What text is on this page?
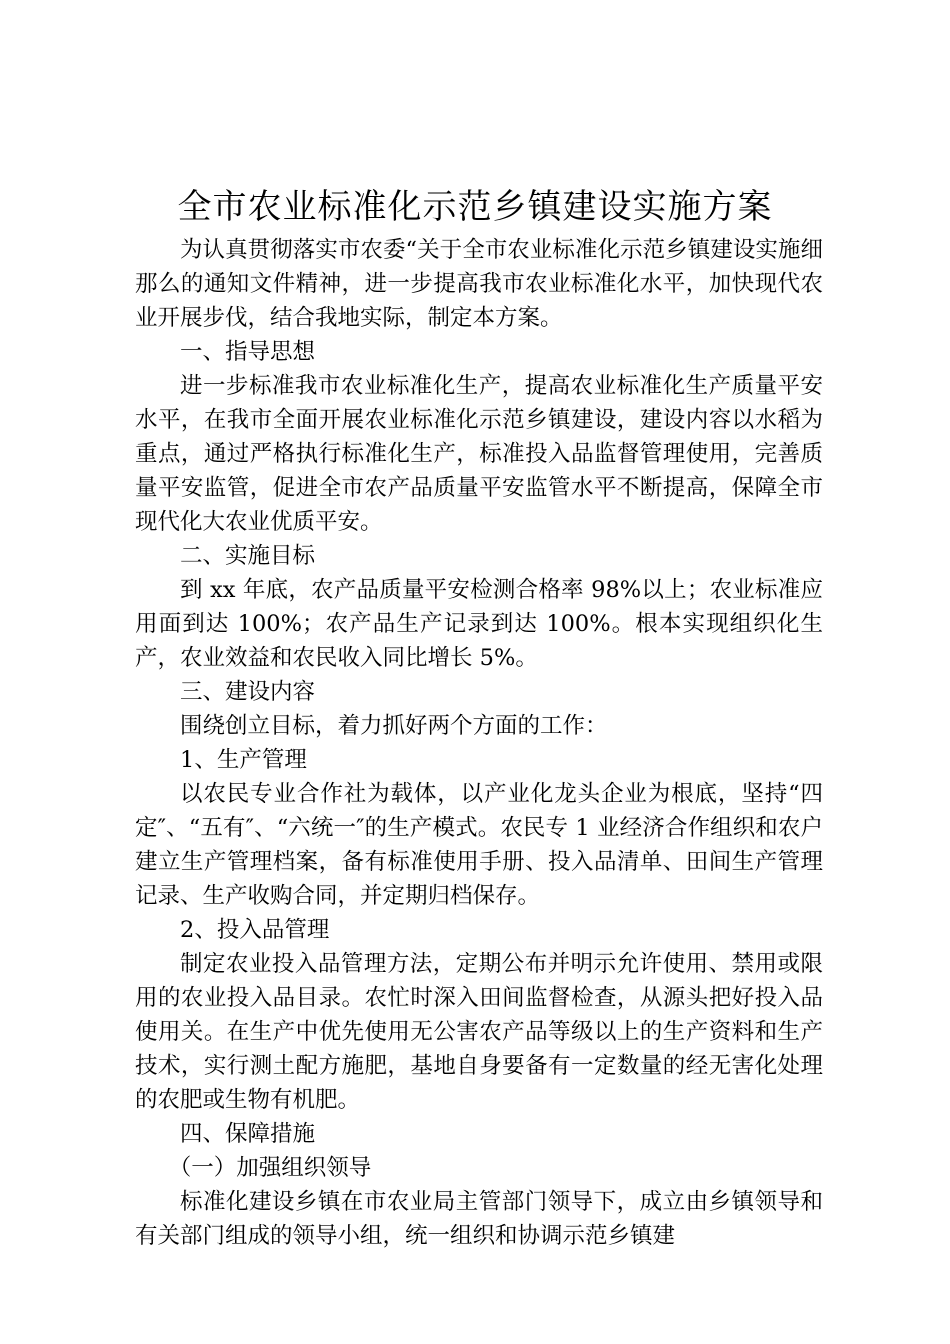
全市农业标准化示范乡镇建设实施方案

为认真贯彻落实市农委“关于全市农业标准化示范乡镇建设实施细那么的通知文件精神，进一步提高我市农业标准化水平，加快现代农业开展步伐，结合我地实际，制定本方案。

一、指导思想

进一步标准我市农业标准化生产，提高农业标准化生产质量平安水平，在我市全面开展农业标准化示范乡镇建设，建设内容以水稻为重点，通过严格执行标准化生产，标准投入品监督管理使用，完善质量平安监管，促进全市农产品质量平安监管水平不断提高，保障全市现代化大农业优质平安。

二、实施目标

到 xx 年底，农产品质量平安检测合格率 98%以上；农业标准应用面到达 100%；农产品生产记录到达 100%。根本实现组织化生产，农业效益和农民收入同比增长 5%。

三、建设内容

围绕创立目标，着力抓好两个方面的工作：

1、生产管理

以农民专业合作社为载体，以产业化龙头企业为根底，坚持“四定″、“五有″、“六统一″的生产模式。农民专 1 业经济合作组织和农户建立生产管理档案，备有标准使用手册、投入品清单、田间生产管理记录、生产收购合同，并定期归档保存。

2、投入品管理

制定农业投入品管理方法，定期公布并明示允许使用、禁用或限用的农业投入品目录。农忙时深入田间监督检查，从源头把好投入品使用关。在生产中优先使用无公害农产品等级以上的生产资料和生产技术，实行测土配方施肥，基地自身要备有一定数量的经无害化处理的农肥或生物有机肥。

四、保障措施

（一）加强组织领导

标准化建设乡镇在市农业局主管部门领导下，成立由乡镇领导和有关部门组成的领导小组，统一组织和协调示范乡镇建
